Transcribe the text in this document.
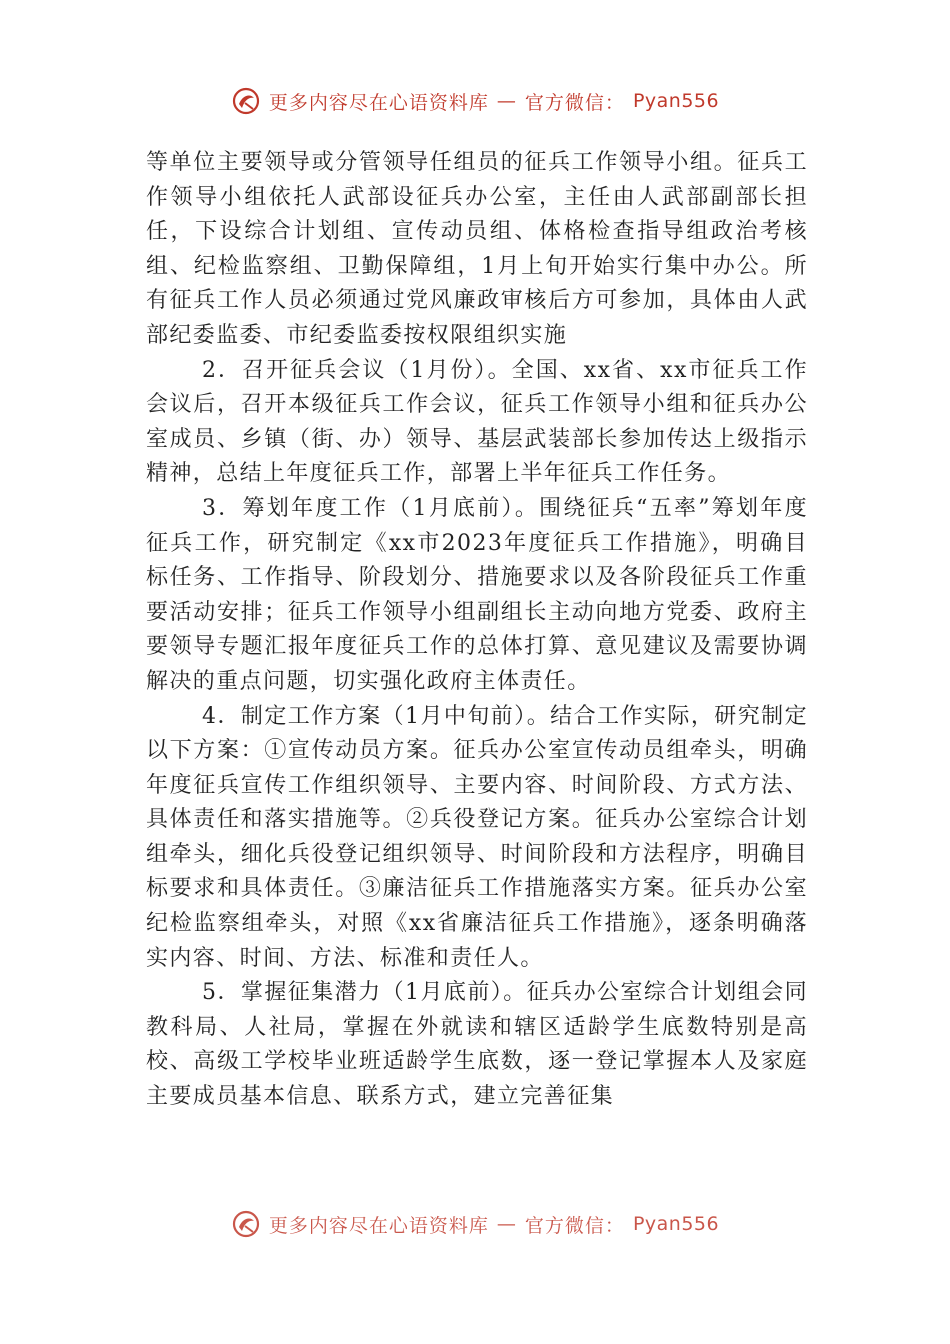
更多内容尽在心语资料库 — 官方微信： Pyan556

等单位主要领导或分管领导任组员的征兵工作领导小组。征兵工作领导小组依托人武部设征兵办公室，主任由人武部副部长担任，下设综合计划组、宣传动员组、体格检查指导组政治考核组、纪检监察组、卫勤保障组，1月上旬开始实行集中办公。所有征兵工作人员必须通过党风廉政审核后方可参加，具体由人武部纪委监委、市纪委监委按权限组织实施

2．召开征兵会议（1月份）。全国、xx省、xx市征兵工作会议后，召开本级征兵工作会议，征兵工作领导小组和征兵办公室成员、乡镇（街、办）领导、基层武装部长参加传达上级指示精神，总结上年度征兵工作，部署上半年征兵工作任务。

3．筹划年度工作（1月底前）。围绕征兵“五率”筹划年度征兵工作，研究制定《xx市2023年度征兵工作措施》，明确目标任务、工作指导、阶段划分、措施要求以及各阶段征兵工作重要活动安排；征兵工作领导小组副组长主动向地方党委、政府主要领导专题汇报年度征兵工作的总体打算、意见建议及需要协调解决的重点问题，切实强化政府主体责任。

4．制定工作方案（1月中旬前）。结合工作实际，研究制定以下方案：①宣传动员方案。征兵办公室宣传动员组牵头，明确年度征兵宣传工作组织领导、主要内容、时间阶段、方式方法、具体责任和落实措施等。②兵役登记方案。征兵办公室综合计划组牵头，细化兵役登记组织领导、时间阶段和方法程序，明确目标要求和具体责任。③廉洁征兵工作措施落实方案。征兵办公室纪检监察组牵头，对照《xx省廉洁征兵工作措施》，逐条明确落实内容、时间、方法、标准和责任人。

5．掌握征集潜力（1月底前）。征兵办公室综合计划组会同教科局、人社局，掌握在外就读和辖区适龄学生底数特别是高校、高级工学校毕业班适龄学生底数，逐一登记掌握本人及家庭主要成员基本信息、联系方式，建立完善征集

更多内容尽在心语资料库 — 官方微信： Pyan556
